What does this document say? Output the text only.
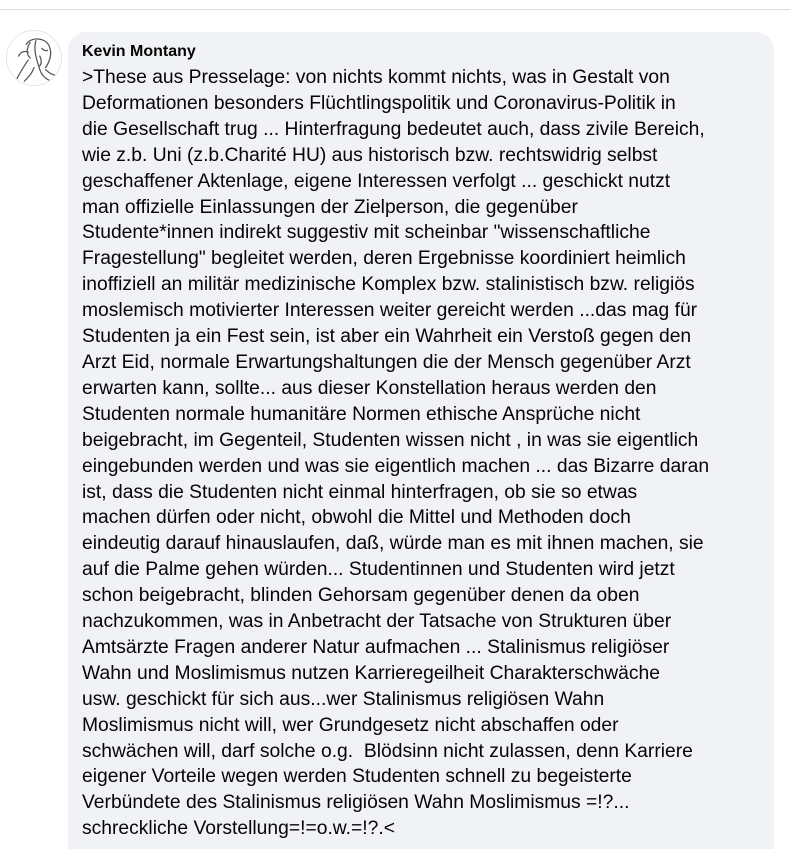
Kevin Montany
>These aus Presselage: von nichts kommt nichts, was in Gestalt von
Deformationen besonders Flüchtlingspolitik und Coronavirus-Politik in
die Gesellschaft trug ... Hinterfragung bedeutet auch, dass zivile Bereich,
wie z.b. Uni (z.b.Charité HU) aus historisch bzw. rechtswidrig selbst
geschaffener Aktenlage, eigene Interessen verfolgt ... geschickt nutzt
man offizielle Einlassungen der Zielperson, die gegenüber
Studente*innen indirekt suggestiv mit scheinbar "wissenschaftliche
Fragestellung" begleitet werden, deren Ergebnisse koordiniert heimlich
inoffiziell an militär medizinische Komplex bzw. stalinistisch bzw. religiös
moslemisch motivierter Interessen weiter gereicht werden ...das mag für
Studenten ja ein Fest sein, ist aber ein Wahrheit ein Verstoß gegen den
Arzt Eid, normale Erwartungshaltungen die der Mensch gegenüber Arzt
erwarten kann, sollte... aus dieser Konstellation heraus werden den
Studenten normale humanitäre Normen ethische Ansprüche nicht
beigebracht, im Gegenteil, Studenten wissen nicht , in was sie eigentlich
eingebunden werden und was sie eigentlich machen ... das Bizarre daran
ist, dass die Studenten nicht einmal hinterfragen, ob sie so etwas
machen dürfen oder nicht, obwohl die Mittel und Methoden doch
eindeutig darauf hinauslaufen, daß, würde man es mit ihnen machen, sie
auf die Palme gehen würden... Studentinnen und Studenten wird jetzt
schon beigebracht, blinden Gehorsam gegenüber denen da oben
nachzukommen, was in Anbetracht der Tatsache von Strukturen über
Amtsärzte Fragen anderer Natur aufmachen ... Stalinismus religiöser
Wahn und Moslimismus nutzen Karrieregeilheit Charakterschwäche
usw. geschickt für sich aus...wer Stalinismus religiösen Wahn
Moslimismus nicht will, wer Grundgesetz nicht abschaffen oder
schwächen will, darf solche o.g.  Blödsinn nicht zulassen, denn Karriere
eigener Vorteile wegen werden Studenten schnell zu begeisterte
Verbündete des Stalinismus religiösen Wahn Moslimismus =!?...
schreckliche Vorstellung=!=o.w.=!?.<
